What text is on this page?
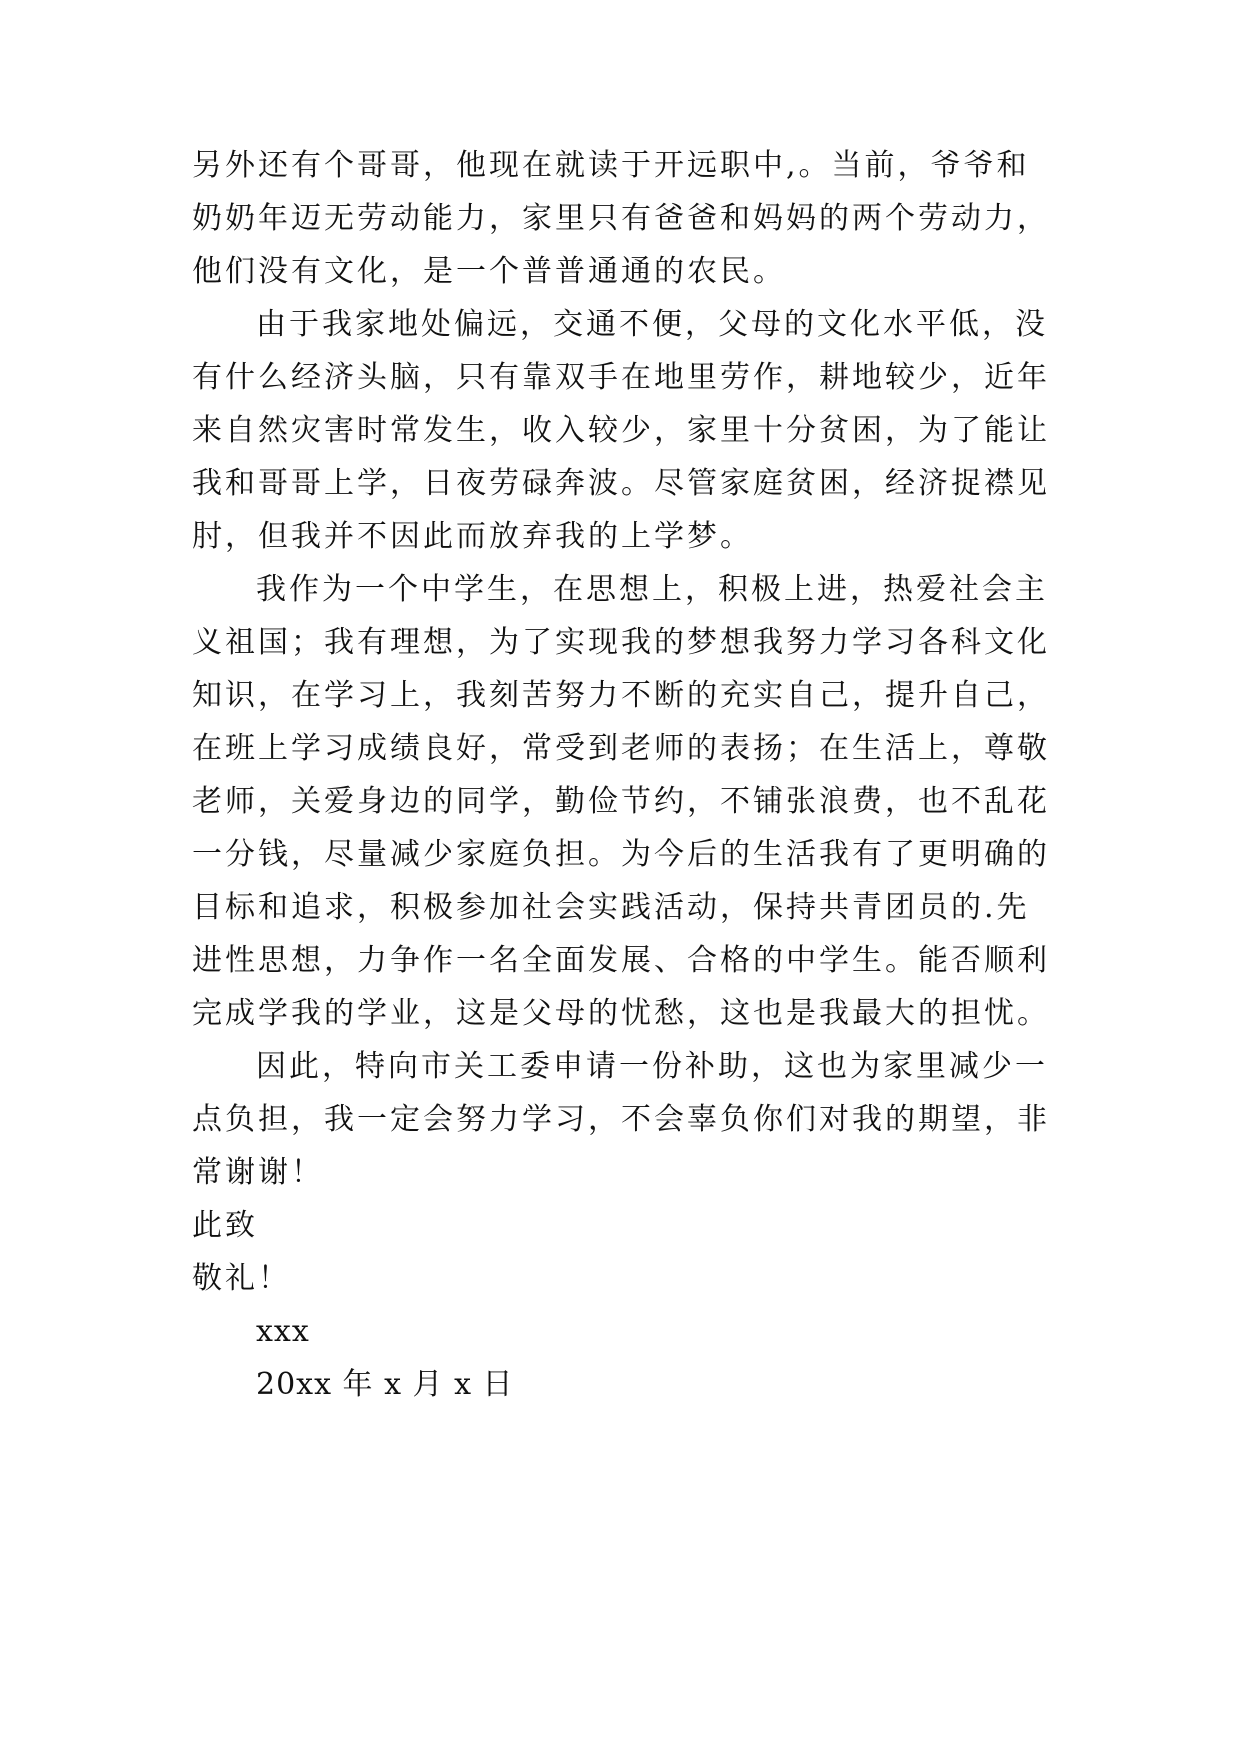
另外还有个哥哥，他现在就读于开远职中,。当前，爷爷和
奶奶年迈无劳动能力，家里只有爸爸和妈妈的两个劳动力，
他们没有文化，是一个普普通通的农民。
由于我家地处偏远，交通不便，父母的文化水平低，没
有什么经济头脑，只有靠双手在地里劳作，耕地较少，近年
来自然灾害时常发生，收入较少，家里十分贫困，为了能让
我和哥哥上学，日夜劳碌奔波。尽管家庭贫困，经济捉襟见
肘，但我并不因此而放弃我的上学梦。
我作为一个中学生，在思想上，积极上进，热爱社会主
义祖国；我有理想，为了实现我的梦想我努力学习各科文化
知识，在学习上，我刻苦努力不断的充实自己，提升自己，
在班上学习成绩良好，常受到老师的表扬；在生活上，尊敬
老师，关爱身边的同学，勤俭节约，不铺张浪费，也不乱花
一分钱，尽量减少家庭负担。为今后的生活我有了更明确的
目标和追求，积极参加社会实践活动，保持共青团员的.先
进性思想，力争作一名全面发展、合格的中学生。能否顺利
完成学我的学业，这是父母的忧愁，这也是我最大的担忧。
因此，特向市关工委申请一份补助，这也为家里减少一
点负担，我一定会努力学习，不会辜负你们对我的期望，非
常谢谢！
此致
敬礼！
xxx
20xx 年 x 月 x 日
